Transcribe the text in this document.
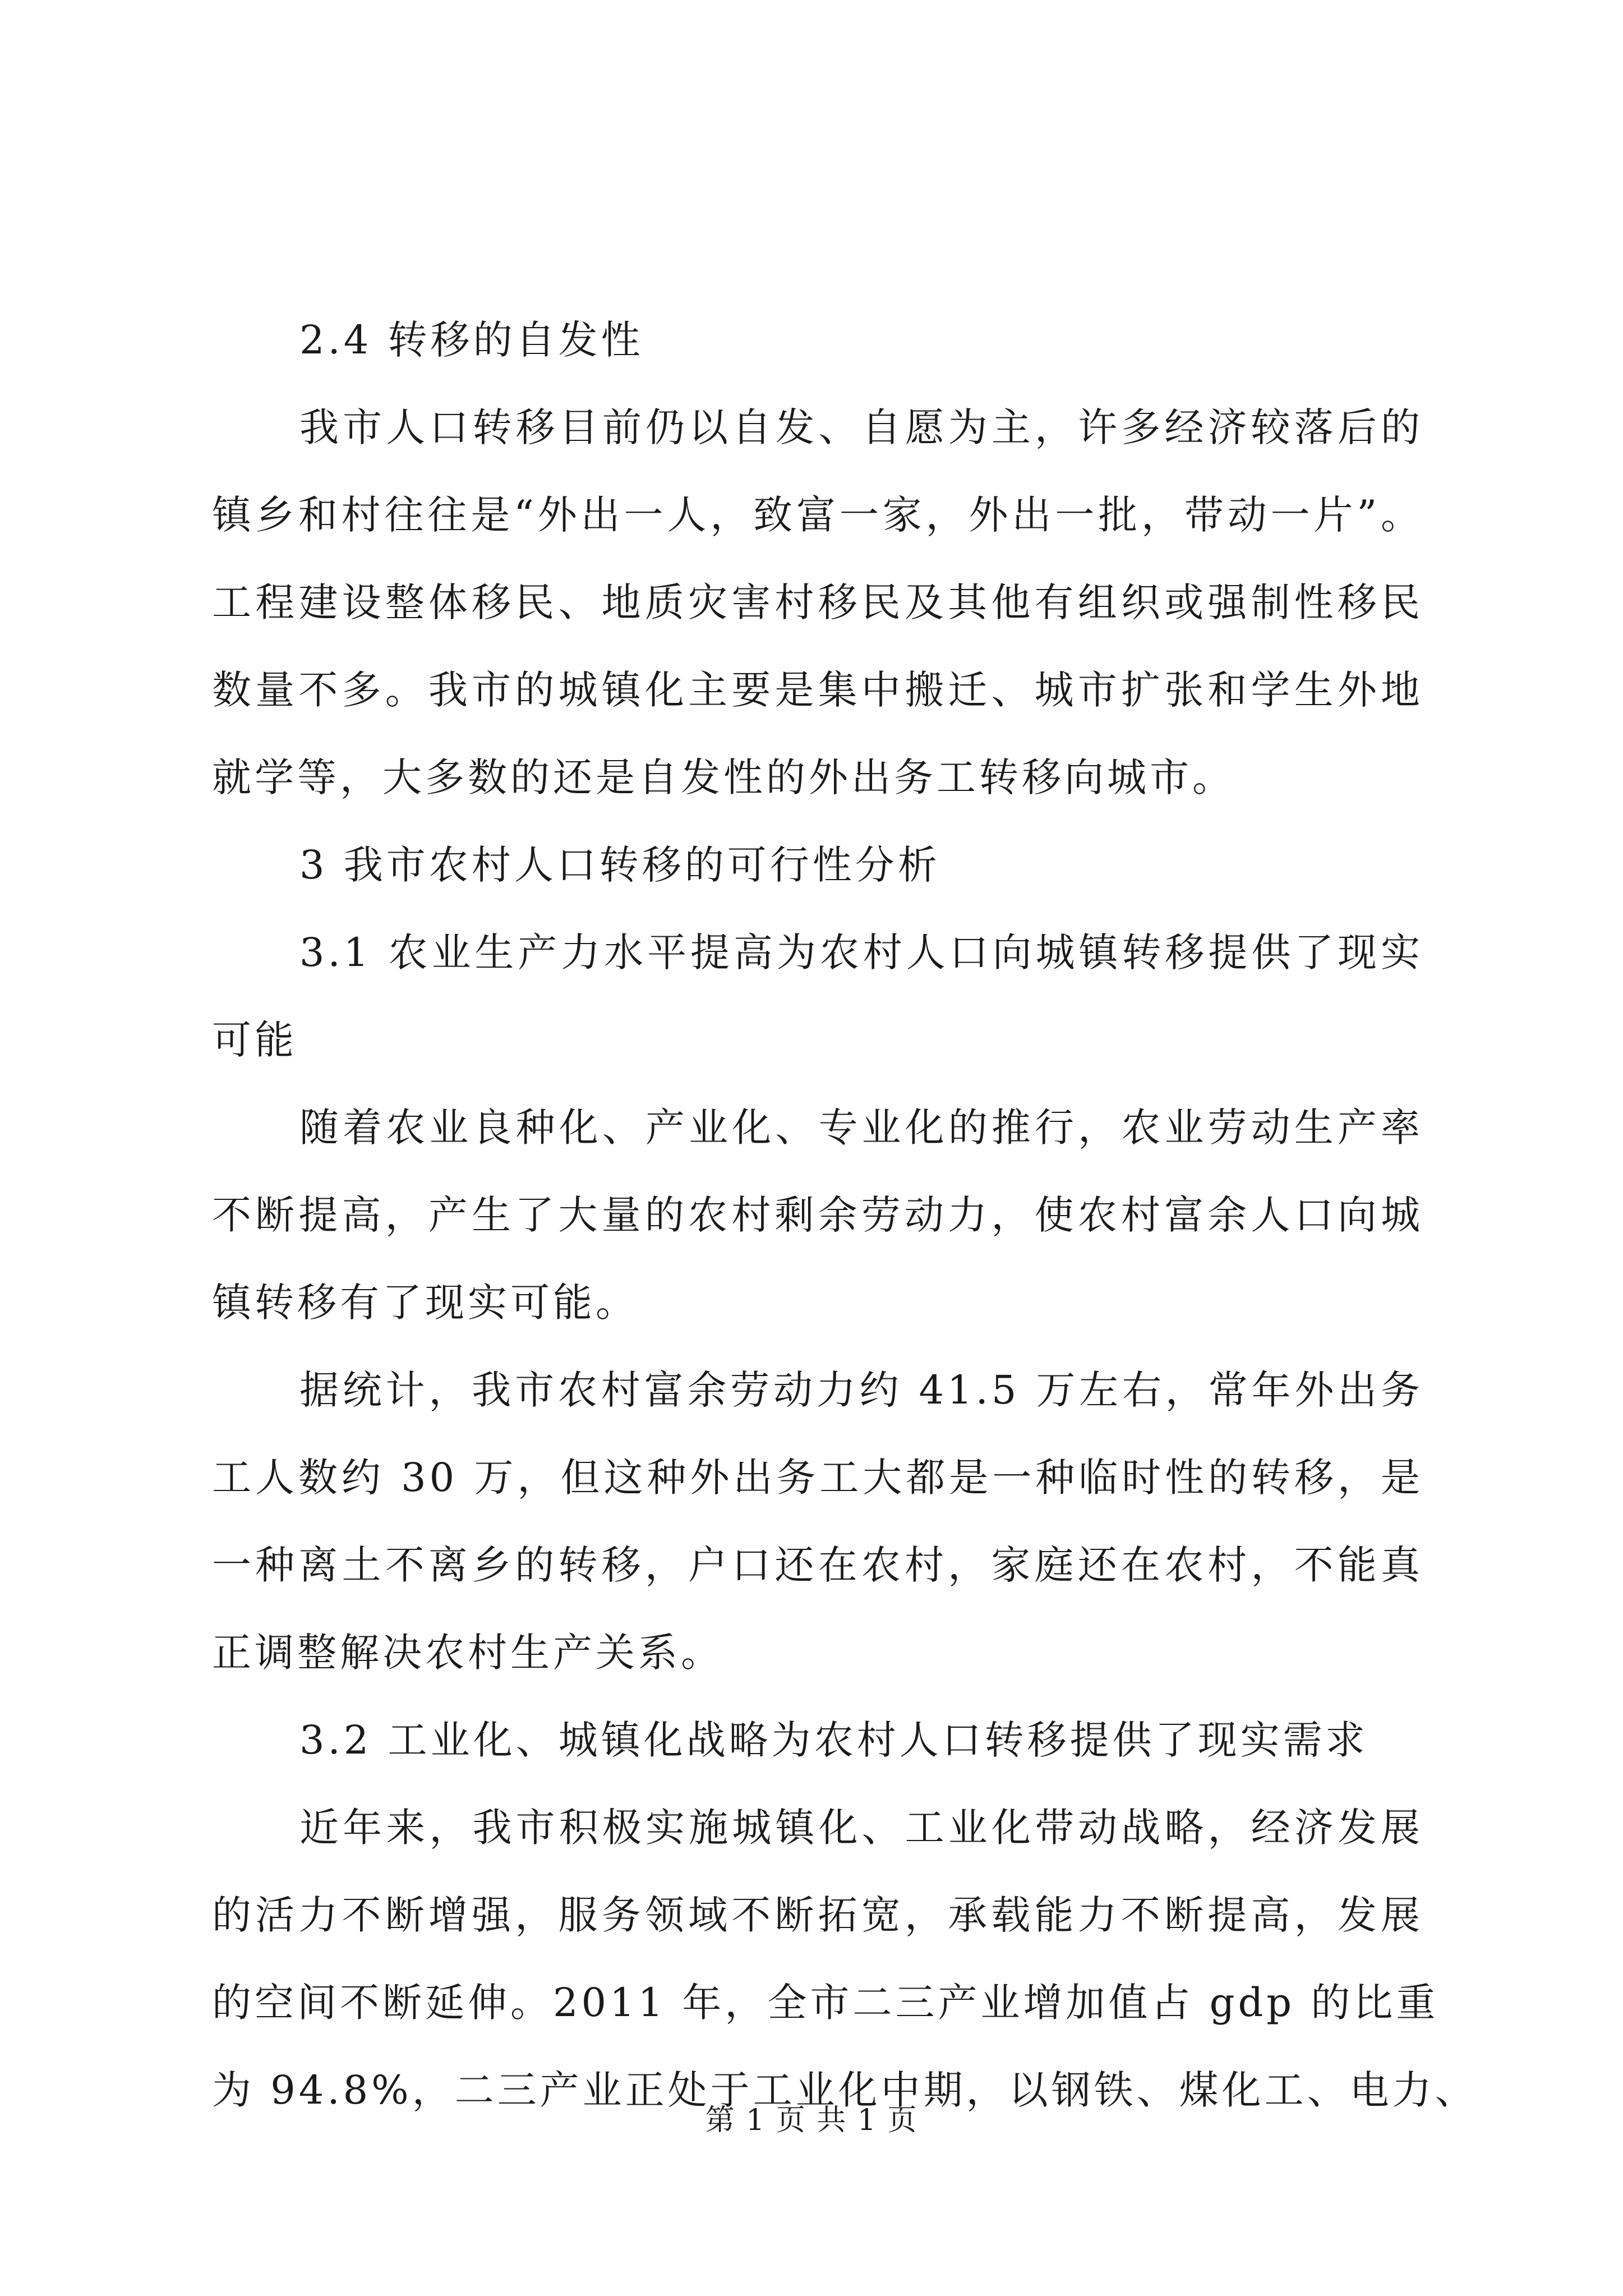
2.4 转移的自发性
我市人口转移目前仍以自发、自愿为主，许多经济较落后的
镇乡和村往往是“外出一人，致富一家，外出一批，带动一片”。
工程建设整体移民、地质灾害村移民及其他有组织或强制性移民
数量不多。我市的城镇化主要是集中搬迁、城市扩张和学生外地
就学等，大多数的还是自发性的外出务工转移向城市。
3 我市农村人口转移的可行性分析
3.1 农业生产力水平提高为农村人口向城镇转移提供了现实
可能
随着农业良种化、产业化、专业化的推行，农业劳动生产率
不断提高，产生了大量的农村剩余劳动力，使农村富余人口向城
镇转移有了现实可能。
据统计，我市农村富余劳动力约 41.5 万左右，常年外出务
工人数约 30 万，但这种外出务工大都是一种临时性的转移，是
一种离土不离乡的转移，户口还在农村，家庭还在农村，不能真
正调整解决农村生产关系。
3.2 工业化、城镇化战略为农村人口转移提供了现实需求
近年来，我市积极实施城镇化、工业化带动战略，经济发展
的活力不断增强，服务领域不断拓宽，承载能力不断提高，发展
的空间不断延伸。2011 年，全市二三产业增加值占 gdp 的比重
为 94.8%，二三产业正处于工业化中期，以钢铁、煤化工、电力、
第 1 页 共 1 页
